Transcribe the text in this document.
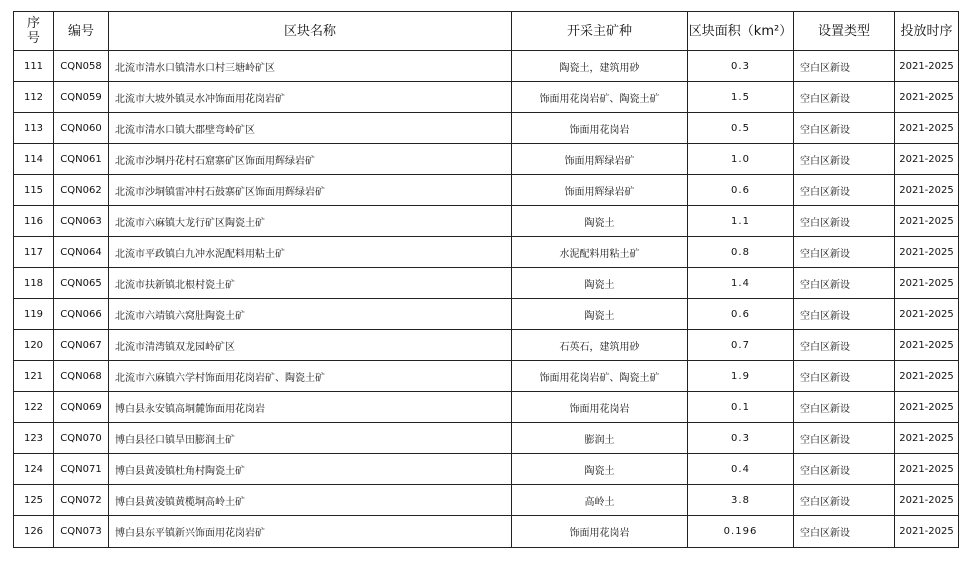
序
号	编号	区块名称	开采主矿种	区块面积（km²）	设置类型	投放时序
111	CQN058	北流市清水口镇清水口村三塘岭矿区	陶瓷土，建筑用砂	0.3	空白区新设	2021-2025
112	CQN059	北流市大坡外镇灵水冲饰面用花岗岩矿	饰面用花岗岩矿、陶瓷土矿	1.5	空白区新设	2021-2025
113	CQN060	北流市清水口镇大郡壁弯岭矿区	饰面用花岗岩	0.5	空白区新设	2021-2025
114	CQN061	北流市沙垌丹花村石窟寨矿区饰面用辉绿岩矿	饰面用辉绿岩矿	1.0	空白区新设	2021-2025
115	CQN062	北流市沙垌镇雷冲村石鼓寨矿区饰面用辉绿岩矿	饰面用辉绿岩矿	0.6	空白区新设	2021-2025
116	CQN063	北流市六麻镇大龙行矿区陶瓷土矿	陶瓷土	1.1	空白区新设	2021-2025
117	CQN064	北流市平政镇白九冲水泥配料用粘土矿	水泥配料用粘土矿	0.8	空白区新设	2021-2025
118	CQN065	北流市扶新镇北根村瓷土矿	陶瓷土	1.4	空白区新设	2021-2025
119	CQN066	北流市六靖镇六窝肚陶瓷土矿	陶瓷土	0.6	空白区新设	2021-2025
120	CQN067	北流市清湾镇双龙园岭矿区	石英石，建筑用砂	0.7	空白区新设	2021-2025
121	CQN068	北流市六麻镇六学村饰面用花岗岩矿、陶瓷土矿	饰面用花岗岩矿、陶瓷土矿	1.9	空白区新设	2021-2025
122	CQN069	博白县永安镇高垌麓饰面用花岗岩	饰面用花岗岩	0.1	空白区新设	2021-2025
123	CQN070	博白县径口镇旱田膨润土矿	膨润土	0.3	空白区新设	2021-2025
124	CQN071	博白县黄凌镇杜角村陶瓷土矿	陶瓷土	0.4	空白区新设	2021-2025
125	CQN072	博白县黄凌镇黄榄垌高岭土矿	高岭土	3.8	空白区新设	2021-2025
126	CQN073	博白县东平镇新兴饰面用花岗岩矿	饰面用花岗岩	0.196	空白区新设	2021-2025
